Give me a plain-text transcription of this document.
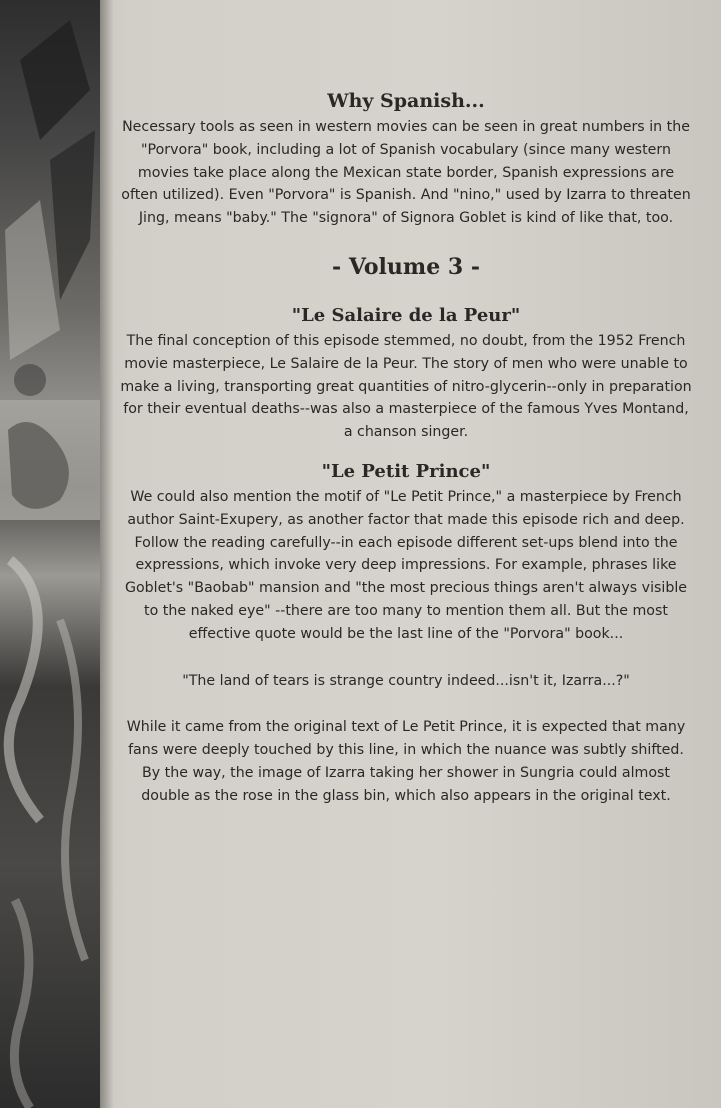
Why Spanish...

Necessary tools as seen in western movies can be seen in great numbers in the "Porvora" book, including a lot of Spanish vocabulary (since many western movies take place along the Mexican state border, Spanish expressions are often utilized). Even "Porvora" is Spanish. And "nino," used by Izarra to threaten Jing, means "baby." The "signora" of Signora Goblet is kind of like that, too.

- Volume 3 -
"Le Salaire de la Peur"

The final conception of this episode stemmed, no doubt, from the 1952 French movie masterpiece, Le Salaire de la Peur. The story of men who were unable to make a living, transporting great quantities of nitro-glycerin--only in preparation for their eventual deaths--was also a masterpiece of the famous Yves Montand, a chanson singer.

"Le Petit Prince"

We could also mention the motif of "Le Petit Prince," a masterpiece by French author Saint-Exupery, as another factor that made this episode rich and deep. Follow the reading carefully--in each episode different set-ups blend into the expressions, which invoke very deep impressions. For example, phrases like Goblet's "Baobab" mansion and "the most precious things aren't always visible to the naked eye" --there are too many to mention them all. But the most effective quote would be the last line of the "Porvora" book...

"The land of tears is strange country indeed...isn't it, Izarra...?"

While it came from the original text of Le Petit Prince, it is expected that many fans were deeply touched by this line, in which the nuance was subtly shifted.

By the way, the image of Izarra taking her shower in Sungria could almost double as the rose in the glass bin, which also appears in the original text.
